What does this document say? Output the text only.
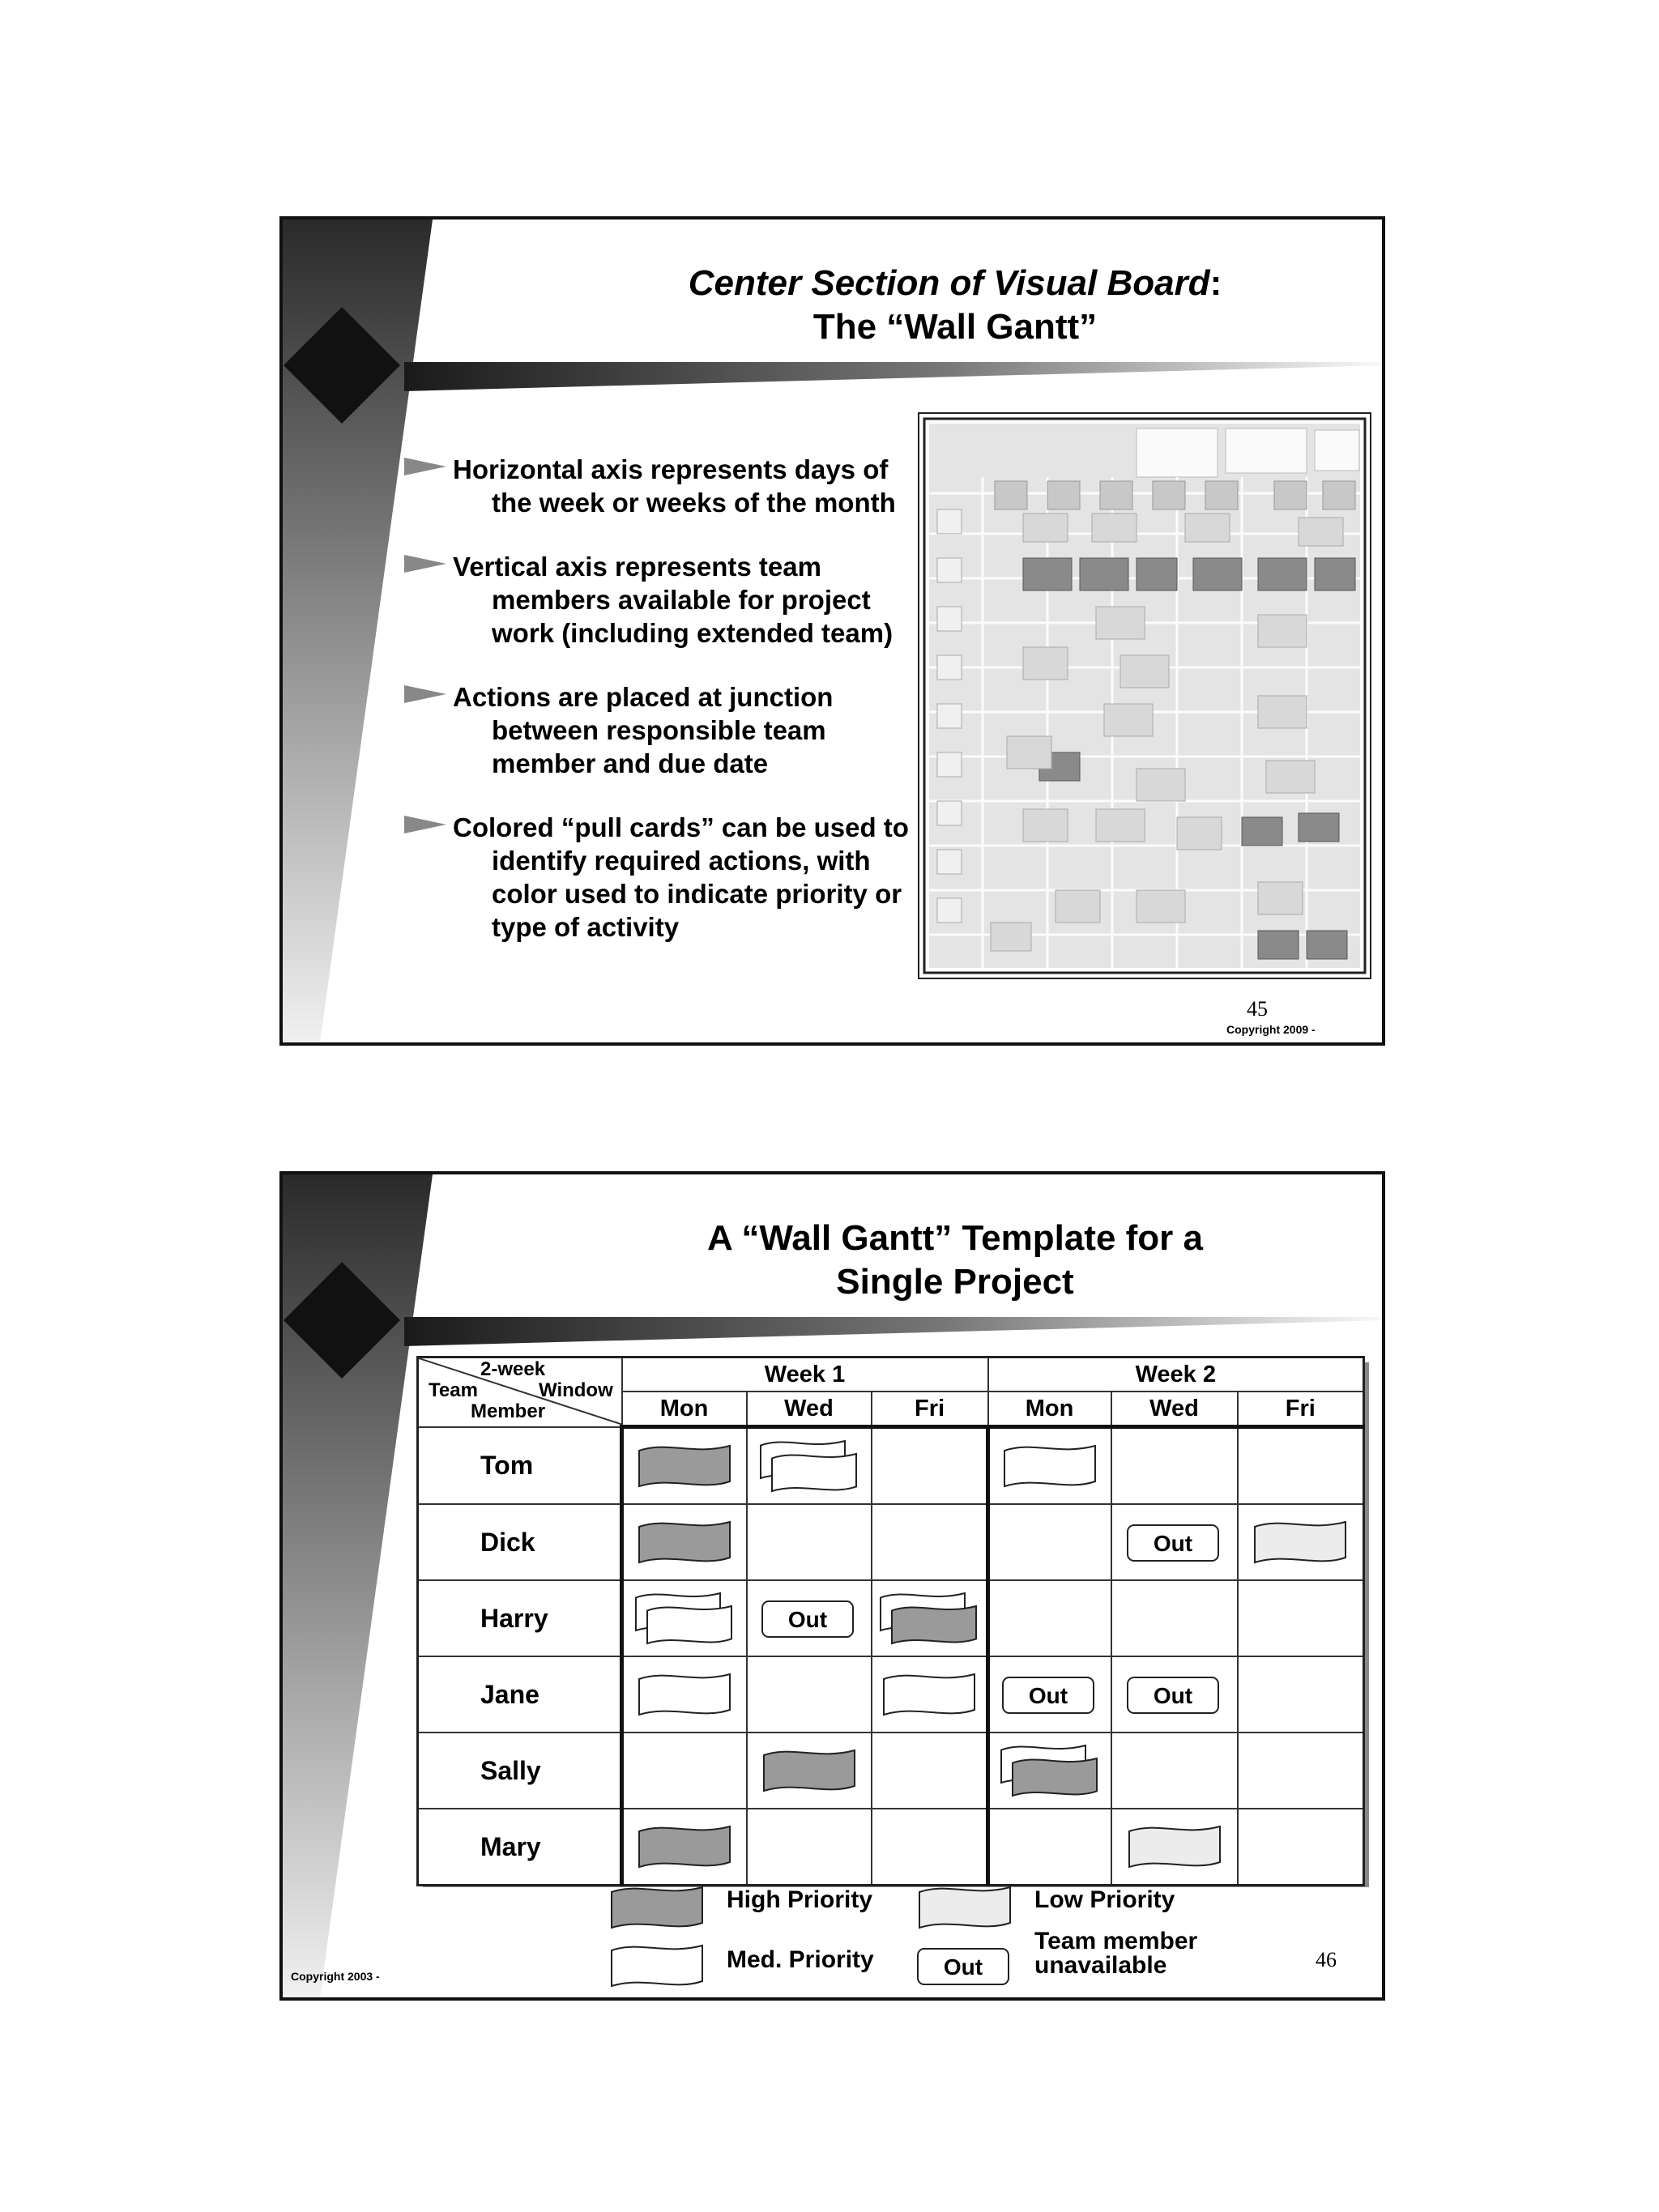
Center Section of Visual Board:
The “Wall Gantt”
Horizontal axis represents days of the week or weeks of the month
Vertical axis represents team members available for project work (including extended team)
Actions are placed at junction between responsible team member and due date
Colored “pull cards” can be used to identify required actions, with color used to indicate priority or type of activity
45
Copyright 2009 -
A “Wall Gantt” Template for a
Single Project
2-week
Window
Team
Member	Week 1			Week 2		
	Mon	Wed	Fri	Mon	Wed	Fri
Tom						
Dick					Out

Harry		Out

Jane				Out	Out	

Sally						
Mary						
High Priority	Low Priority
Med. Priority	Out
Team member
unavailable	46
Copyright 2003 -
